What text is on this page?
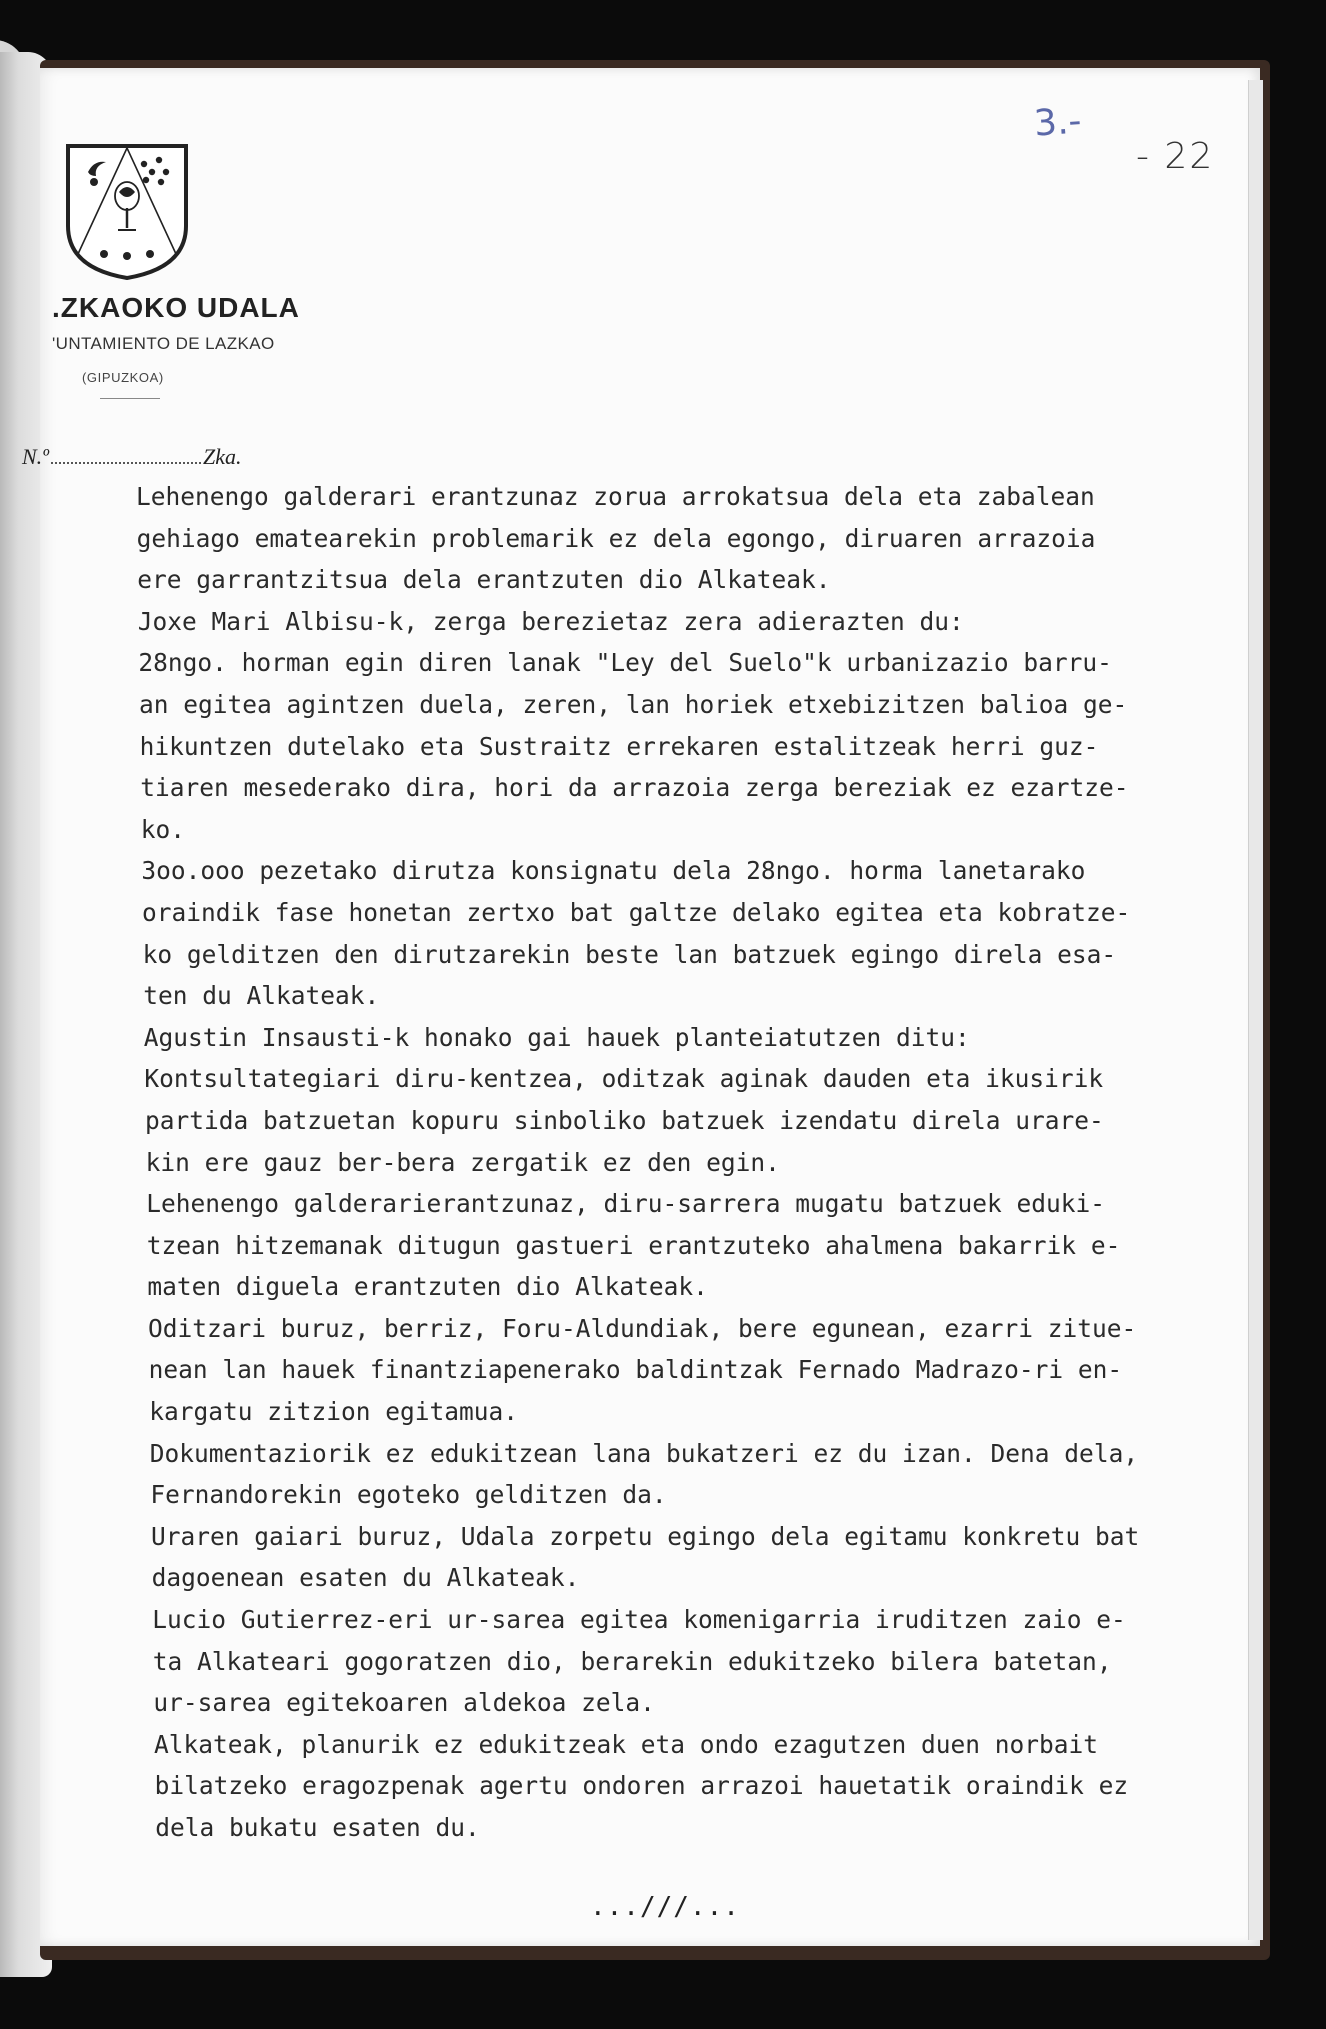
.ZKAOKO UDALA

'UNTAMIENTO DE LAZKAO

(GIPUZKOA)

N.º	Zka.
3.-
- 22
Lehenengo galderari erantzunaz zorua arrokatsua dela eta zabalean
gehiago ematearekin problemarik ez dela egongo, diruaren arrazoia
ere garrantzitsua dela erantzuten dio Alkateak.
Joxe Mari Albisu-k, zerga berezietaz zera adierazten du:
28ngo. horman egin diren lanak "Ley del Suelo"k urbanizazio barru-
an egitea agintzen duela, zeren, lan horiek etxebizitzen balioa ge-
hikuntzen dutelako eta Sustraitz errekaren estalitzeak herri guz-
tiaren mesederako dira, hori da arrazoia zerga bereziak ez ezartze-
ko.
3oo.ooo pezetako dirutza konsignatu dela 28ngo. horma lanetarako
oraindik fase honetan zertxo bat galtze delako egitea eta kobratze-
ko gelditzen den dirutzarekin beste lan batzuek egingo direla esa-
ten du Alkateak.
Agustin Insausti-k honako gai hauek planteiatutzen ditu:
Kontsultategiari diru-kentzea, oditzak aginak dauden eta ikusirik
partida batzuetan kopuru sinboliko batzuek izendatu direla urare-
kin ere gauz ber-bera zergatik ez den egin.
Lehenengo galderarierantzunaz, diru-sarrera mugatu batzuek eduki-
tzean hitzemanak ditugun gastueri erantzuteko ahalmena bakarrik e-
maten diguela erantzuten dio Alkateak.
Oditzari buruz, berriz, Foru-Aldundiak, bere egunean, ezarri zitue-
nean lan hauek finantziapenerako baldintzak Fernado Madrazo-ri en-
kargatu zitzion egitamua.
Dokumentaziorik ez edukitzean lana bukatzeri ez du izan. Dena dela,
Fernandorekin egoteko gelditzen da.
Uraren gaiari buruz, Udala zorpetu egingo dela egitamu konkretu bat
dagoenean esaten du Alkateak.
Lucio Gutierrez-eri ur-sarea egitea komenigarria iruditzen zaio e-
ta Alkateari gogoratzen dio, berarekin edukitzeko bilera batetan,
ur-sarea egitekoaren aldekoa zela.
Alkateak, planurik ez edukitzeak eta ondo ezagutzen duen norbait
bilatzeko eragozpenak agertu ondoren arrazoi hauetatik oraindik ez
dela bukatu esaten du.
...///...
